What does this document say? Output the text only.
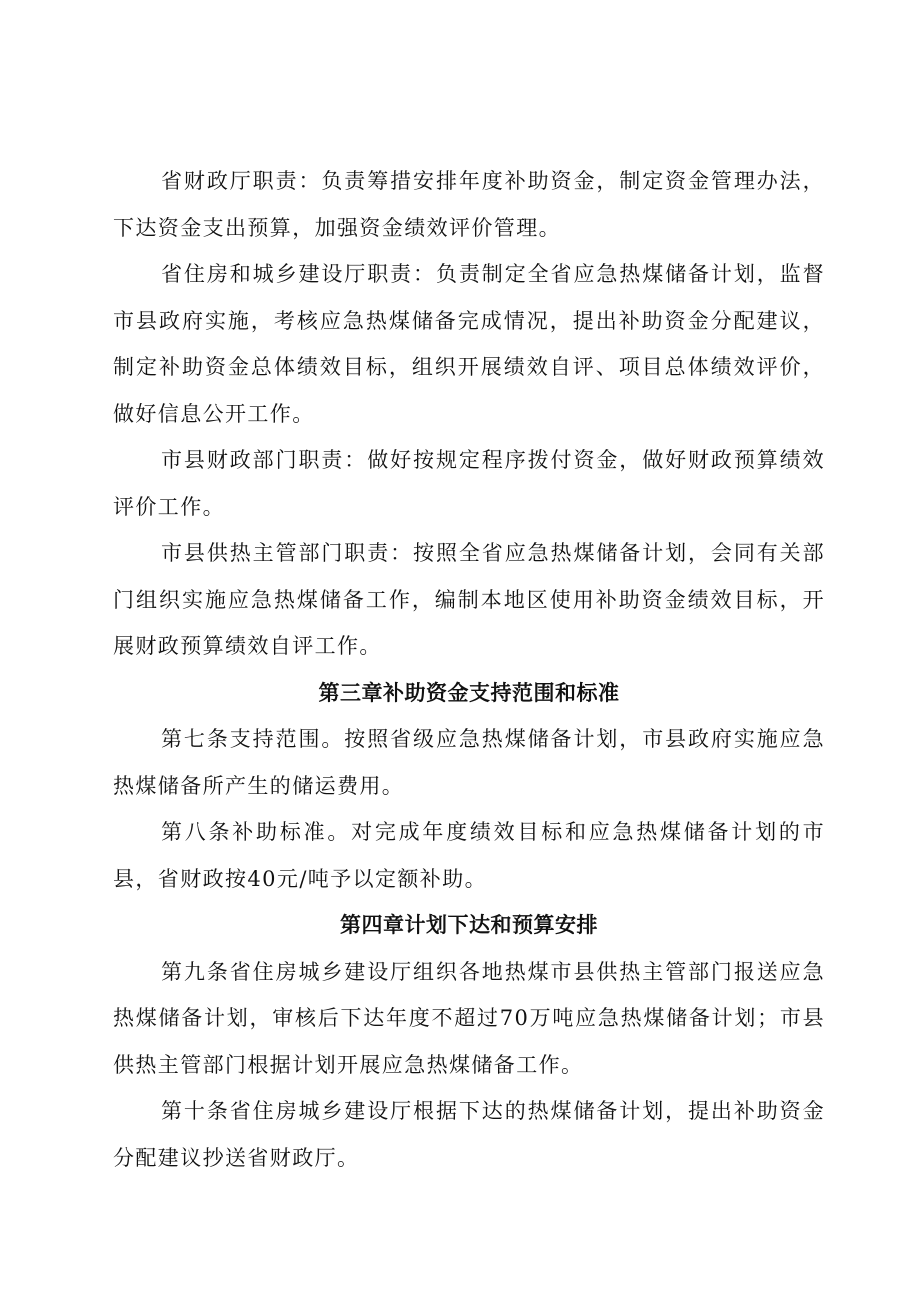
省财政厅职责：负责筹措安排年度补助资金，制定资金管理办法，下达资金支出预算，加强资金绩效评价管理。

省住房和城乡建设厅职责：负责制定全省应急热煤储备计划，监督市县政府实施，考核应急热煤储备完成情况，提出补助资金分配建议，制定补助资金总体绩效目标，组织开展绩效自评、项目总体绩效评价，做好信息公开工作。

市县财政部门职责：做好按规定程序拨付资金，做好财政预算绩效评价工作。

市县供热主管部门职责：按照全省应急热煤储备计划，会同有关部门组织实施应急热煤储备工作，编制本地区使用补助资金绩效目标，开展财政预算绩效自评工作。

第三章补助资金支持范围和标准

第七条支持范围。按照省级应急热煤储备计划，市县政府实施应急热煤储备所产生的储运费用。

第八条补助标准。对完成年度绩效目标和应急热煤储备计划的市县，省财政按40元/吨予以定额补助。

第四章计划下达和预算安排

第九条省住房城乡建设厅组织各地热煤市县供热主管部门报送应急热煤储备计划，审核后下达年度不超过70万吨应急热煤储备计划；市县供热主管部门根据计划开展应急热煤储备工作。

第十条省住房城乡建设厅根据下达的热煤储备计划，提出补助资金分配建议抄送省财政厅。
